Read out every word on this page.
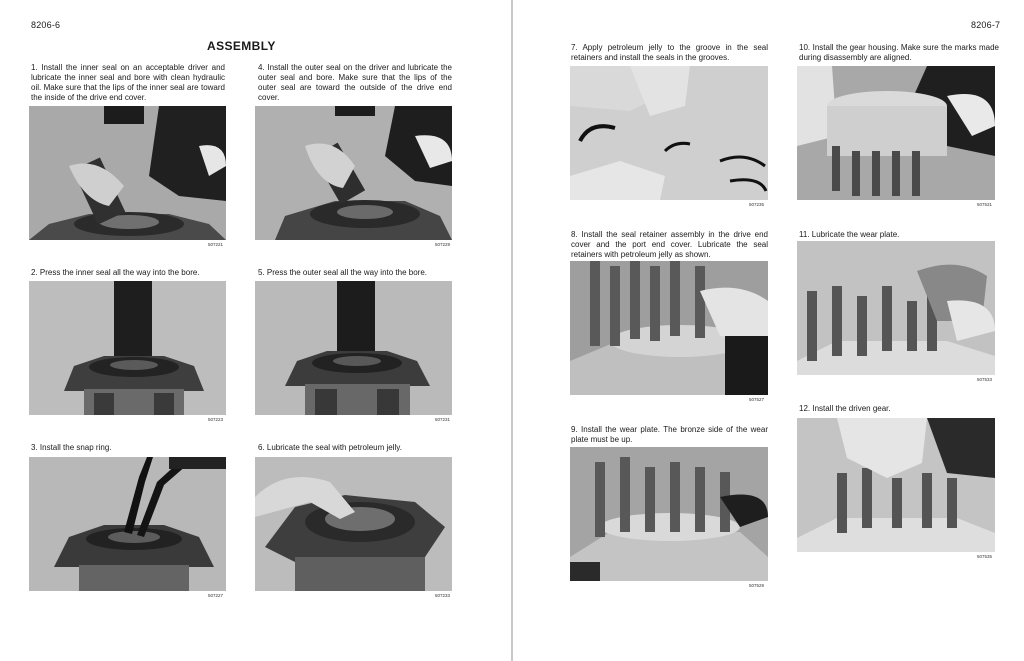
8206-6
ASSEMBLY

1. Install the inner seal on an acceptable driver and lubricate the inner seal and bore with clean hydraulic oil. Make sure that the lips of the inner seal are toward the inside of the drive end cover.

507221

4. Install the outer seal on the driver and lubricate the outer seal and bore. Make sure that the lips of the outer seal are toward the outside of the drive end cover.

507229

2. Press the inner seal all the way into the bore.

507223

5. Press the outer seal all the way into the bore.

507231

3. Install the snap ring.

507227

6. Lubricate the seal with petroleum jelly.

507233
8206-7

7. Apply petroleum jelly to the groove in the seal retainers and install the seals in the grooves.

507235

10. Install the gear housing. Make sure the marks made during disassembly are aligned.

507531

8. Install the seal retainer assembly in the drive end cover and the port end cover. Lubricate the seal retainers with petroleum jelly as shown.

507527

11. Lubricate the wear plate.

507533

9. Install the wear plate. The bronze side of the wear plate must be up.

507529

12. Install the driven gear.

507535
